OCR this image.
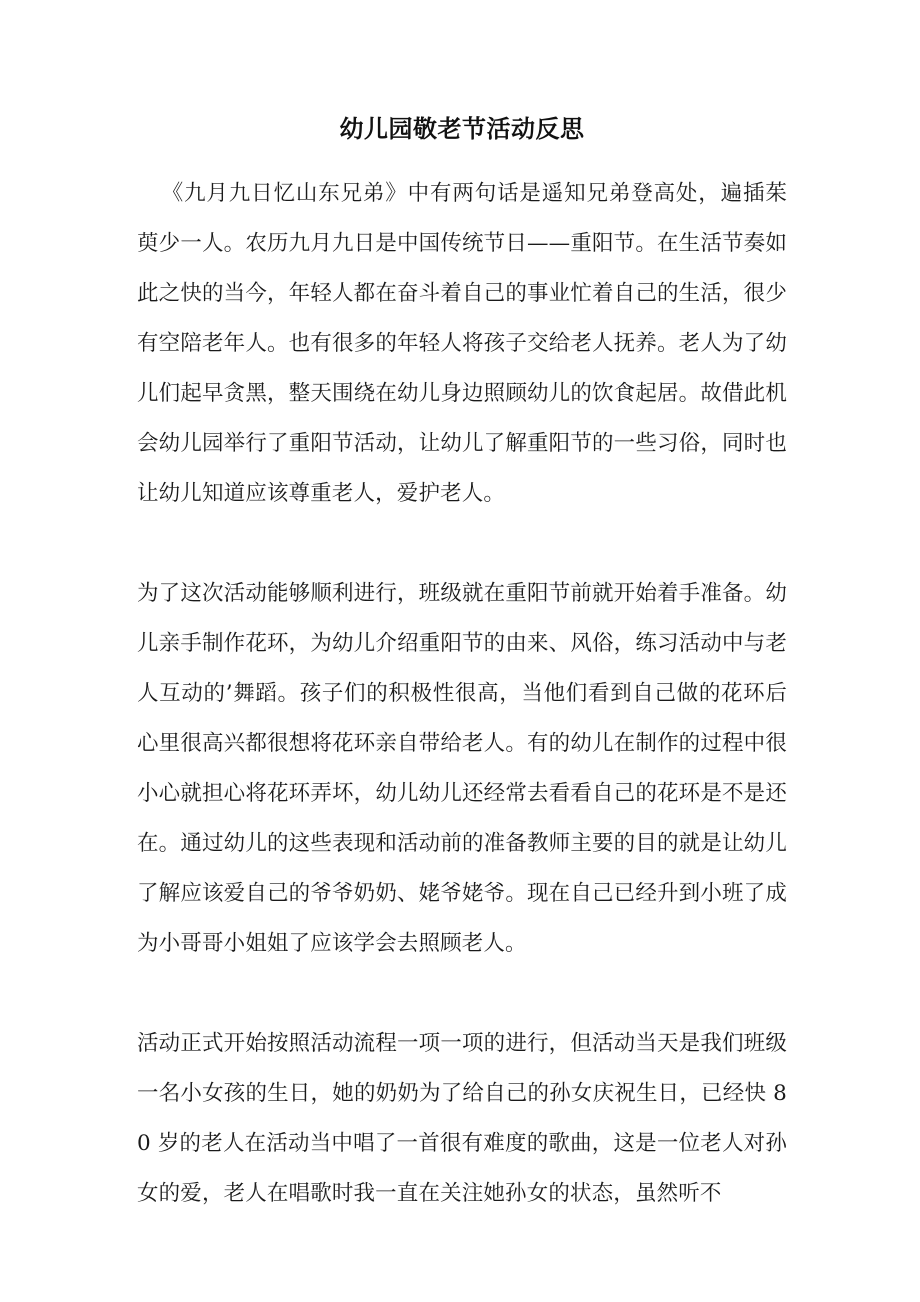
幼儿园敬老节活动反思

《九月九日忆山东兄弟》中有两句话是遥知兄弟登高处，遍插茱萸少一人。农历九月九日是中国传统节日——重阳节。在生活节奏如此之快的当今，年轻人都在奋斗着自己的事业忙着自己的生活，很少有空陪老年人。也有很多的年轻人将孩子交给老人抚养。老人为了幼儿们起早贪黑，整天围绕在幼儿身边照顾幼儿的饮食起居。故借此机会幼儿园举行了重阳节活动，让幼儿了解重阳节的一些习俗，同时也让幼儿知道应该尊重老人，爱护老人。

为了这次活动能够顺利进行，班级就在重阳节前就开始着手准备。幼儿亲手制作花环，为幼儿介绍重阳节的由来、风俗，练习活动中与老人互动的’舞蹈。孩子们的积极性很高，当他们看到自己做的花环后心里很高兴都很想将花环亲自带给老人。有的幼儿在制作的过程中很小心就担心将花环弄坏，幼儿幼儿还经常去看看自己的花环是不是还在。通过幼儿的这些表现和活动前的准备教师主要的目的就是让幼儿了解应该爱自己的爷爷奶奶、姥爷姥爷。现在自己已经升到小班了成为小哥哥小姐姐了应该学会去照顾老人。

活动正式开始按照活动流程一项一项的进行，但活动当天是我们班级一名小女孩的生日，她的奶奶为了给自己的孙女庆祝生日，已经快 80 岁的老人在活动当中唱了一首很有难度的歌曲，这是一位老人对孙女的爱，老人在唱歌时我一直在关注她孙女的状态，虽然听不
